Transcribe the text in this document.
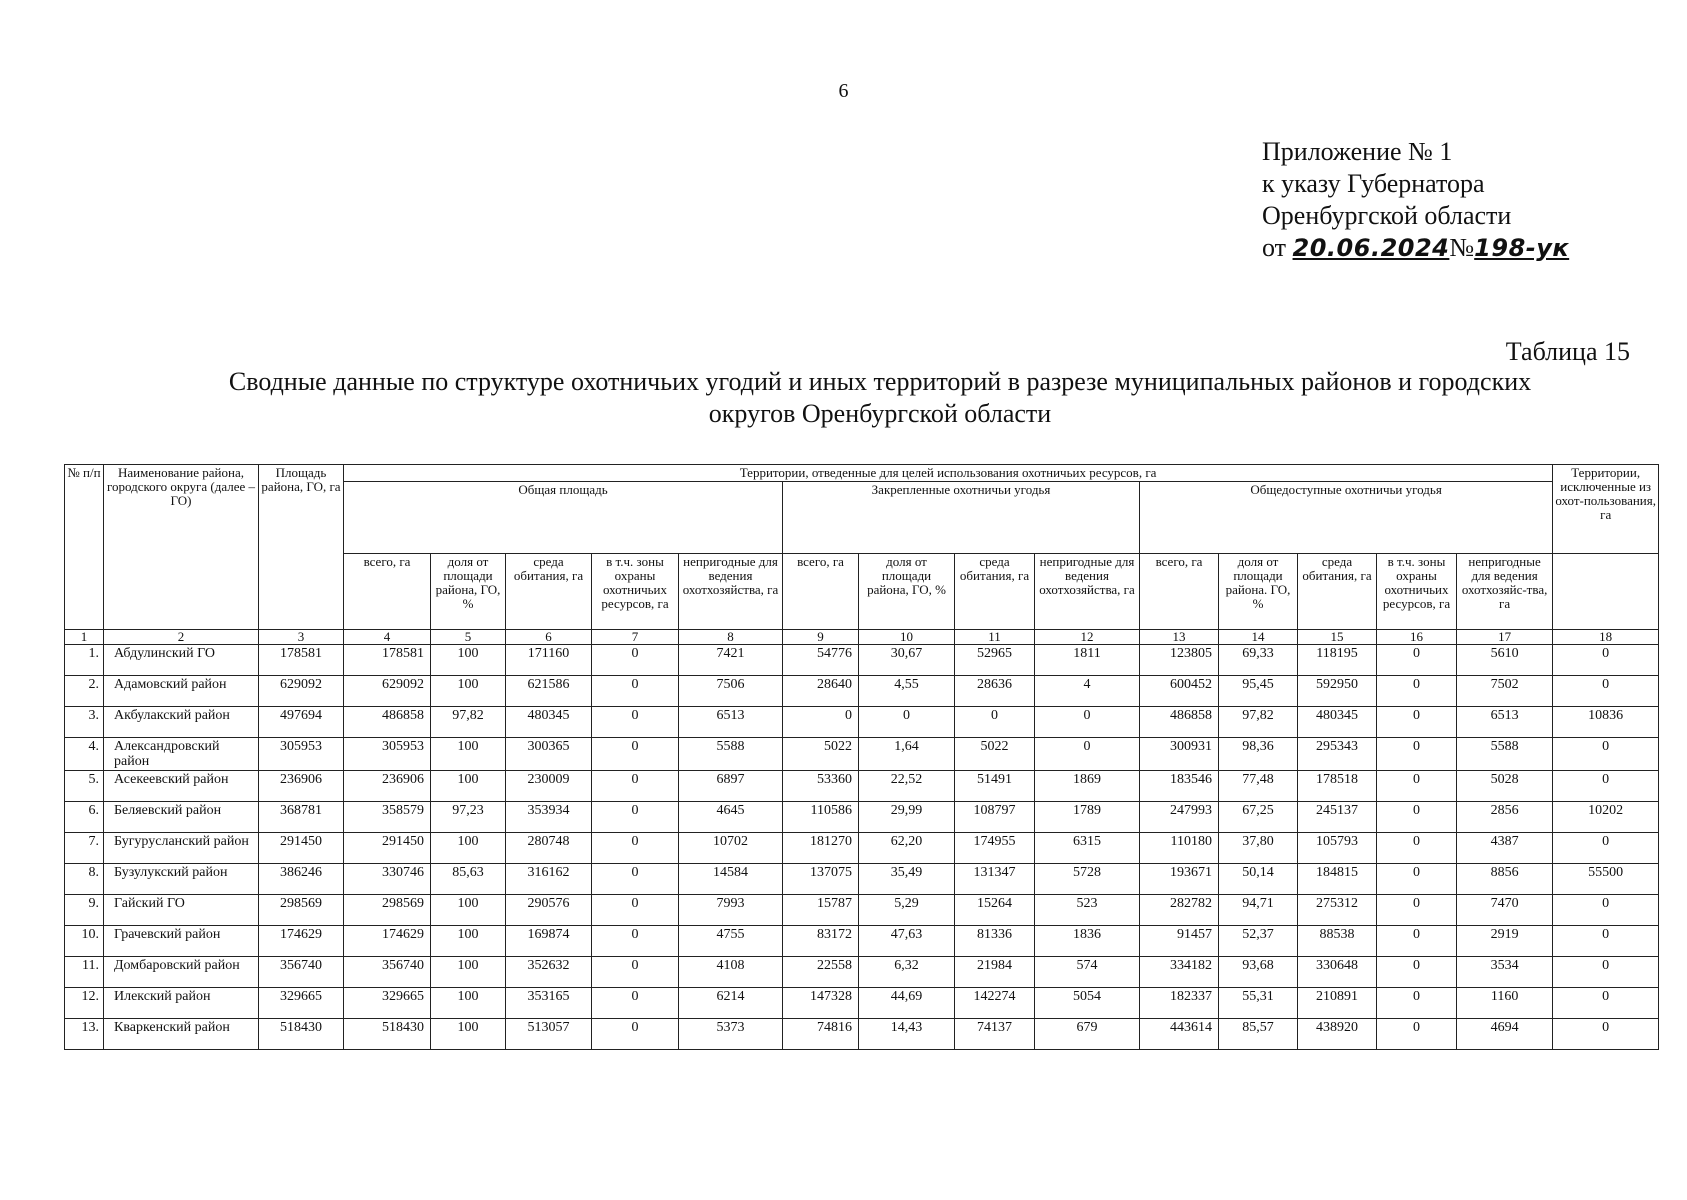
6
Приложение № 1
к указу Губернатора
Оренбургской области
от 20.06.2024№198-ук
Таблица 15
Сводные данные по структуре охотничьих угодий и иных территорий в разрезе муниципальных районов и городских
округов Оренбургской области
№ п/п	Наименование района, городского округа (далее – ГО)	Площадь района, ГО, га	Территории, отведенные для целей использования охотничьих ресурсов, га														Территории, исключенные из охот-пользования, га
			Общая площадь					Закрепленные охотничьи угодья				Общедоступные охотничьи угодья					
			всего, га	доля от площади района, ГО, %	среда обитания, га	в т.ч. зоны охраны охотничьих ресурсов, га	непригодные для ведения охотхозяйства, га	всего, га	доля от площади района, ГО, %	среда обитания, га	непригодные для ведения охотхозяйства, га	всего, га	доля от площади района. ГО, %	среда обитания, га	в т.ч. зоны охраны охотничьих ресурсов, га	непригодные для ведения охотхозяйс-тва, га	
1	2	3	4	5	6	7	8	9	10	11	12	13	14	15	16	17	18
1.	Абдулинский ГО	178581	178581	100	171160	0	7421	54776	30,67	52965	1811	123805	69,33	118195	0	5610	0
2.	Адамовский район	629092	629092	100	621586	0	7506	28640	4,55	28636	4	600452	95,45	592950	0	7502	0
3.	Акбулакский район	497694	486858	97,82	480345	0	6513	0	0	0	0	486858	97,82	480345	0	6513	10836
4.	Александровский район	305953	305953	100	300365	0	5588	5022	1,64	5022	0	300931	98,36	295343	0	5588	0
5.	Асекеевский район	236906	236906	100	230009	0	6897	53360	22,52	51491	1869	183546	77,48	178518	0	5028	0
6.	Беляевский район	368781	358579	97,23	353934	0	4645	110586	29,99	108797	1789	247993	67,25	245137	0	2856	10202
7.	Бугурусланский район	291450	291450	100	280748	0	10702	181270	62,20	174955	6315	110180	37,80	105793	0	4387	0
8.	Бузулукский район	386246	330746	85,63	316162	0	14584	137075	35,49	131347	5728	193671	50,14	184815	0	8856	55500
9.	Гайский ГО	298569	298569	100	290576	0	7993	15787	5,29	15264	523	282782	94,71	275312	0	7470	0
10.	Грачевский район	174629	174629	100	169874	0	4755	83172	47,63	81336	1836	91457	52,37	88538	0	2919	0
11.	Домбаровский район	356740	356740	100	352632	0	4108	22558	6,32	21984	574	334182	93,68	330648	0	3534	0
12.	Илекский район	329665	329665	100	353165	0	6214	147328	44,69	142274	5054	182337	55,31	210891	0	1160	0
13.	Кваркенский район	518430	518430	100	513057	0	5373	74816	14,43	74137	679	443614	85,57	438920	0	4694	0
